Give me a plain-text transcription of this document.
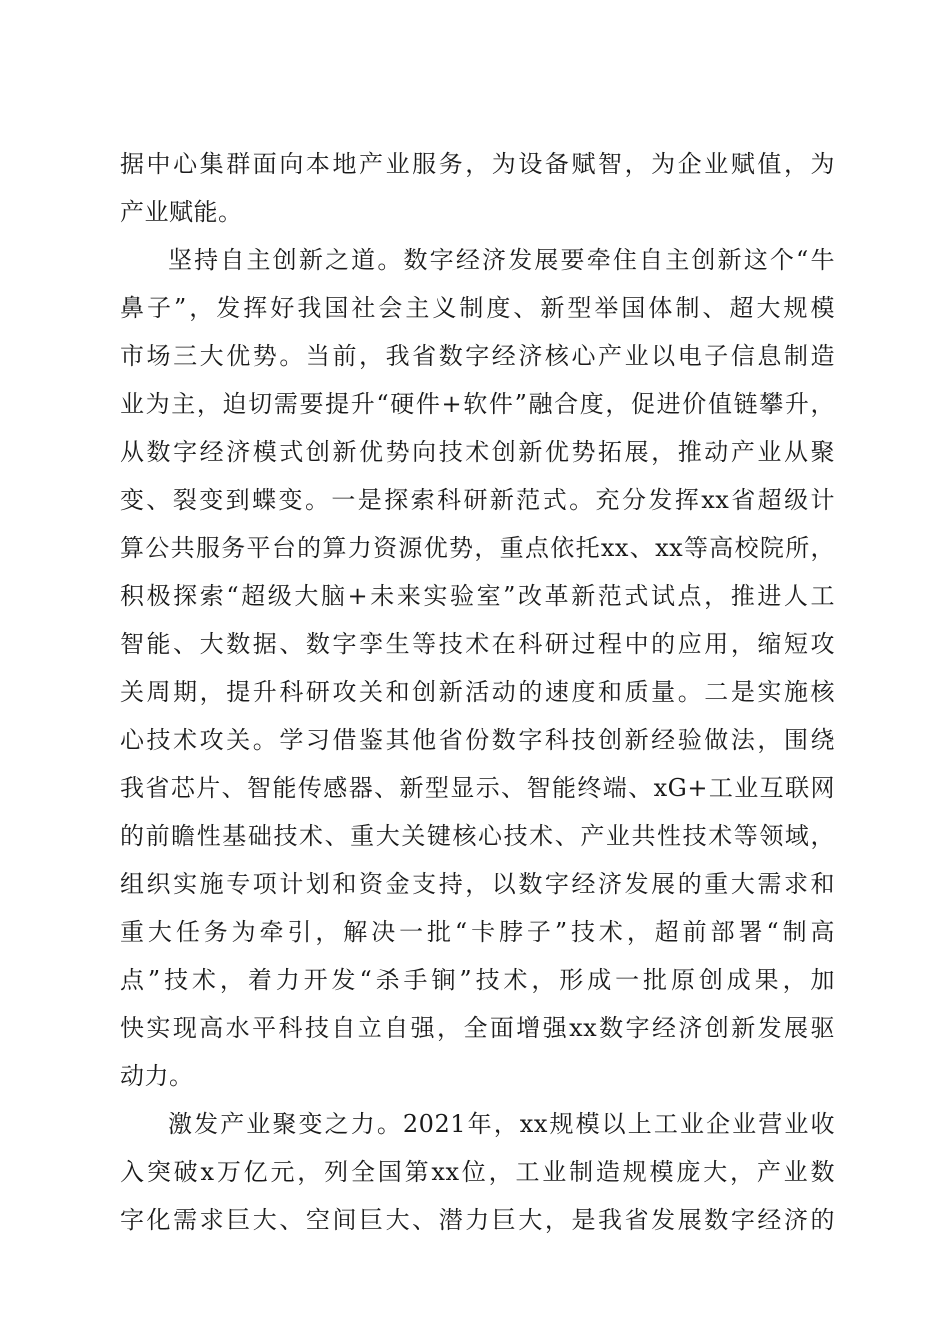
据中心集群面向本地产业服务，为设备赋智，为企业赋值，为
产业赋能。
坚持自主创新之道。数字经济发展要牵住自主创新这个“牛
鼻子”，发挥好我国社会主义制度、新型举国体制、超大规模
市场三大优势。当前，我省数字经济核心产业以电子信息制造
业为主，迫切需要提升“硬件+软件”融合度，促进价值链攀升，
从数字经济模式创新优势向技术创新优势拓展，推动产业从聚
变、裂变到蝶变。一是探索科研新范式。充分发挥xx省超级计
算公共服务平台的算力资源优势，重点依托xx、xx等高校院所，
积极探索“超级大脑+未来实验室”改革新范式试点，推进人工
智能、大数据、数字孪生等技术在科研过程中的应用，缩短攻
关周期，提升科研攻关和创新活动的速度和质量。二是实施核
心技术攻关。学习借鉴其他省份数字科技创新经验做法，围绕
我省芯片、智能传感器、新型显示、智能终端、xG+工业互联网
的前瞻性基础技术、重大关键核心技术、产业共性技术等领域，
组织实施专项计划和资金支持，以数字经济发展的重大需求和
重大任务为牵引，解决一批“卡脖子”技术，超前部署“制高
点”技术，着力开发“杀手锏”技术，形成一批原创成果，加
快实现高水平科技自立自强，全面增强xx数字经济创新发展驱
动力。
激发产业聚变之力。2021年，xx规模以上工业企业营业收
入突破x万亿元，列全国第xx位，工业制造规模庞大，产业数
字化需求巨大、空间巨大、潜力巨大，是我省发展数字经济的
